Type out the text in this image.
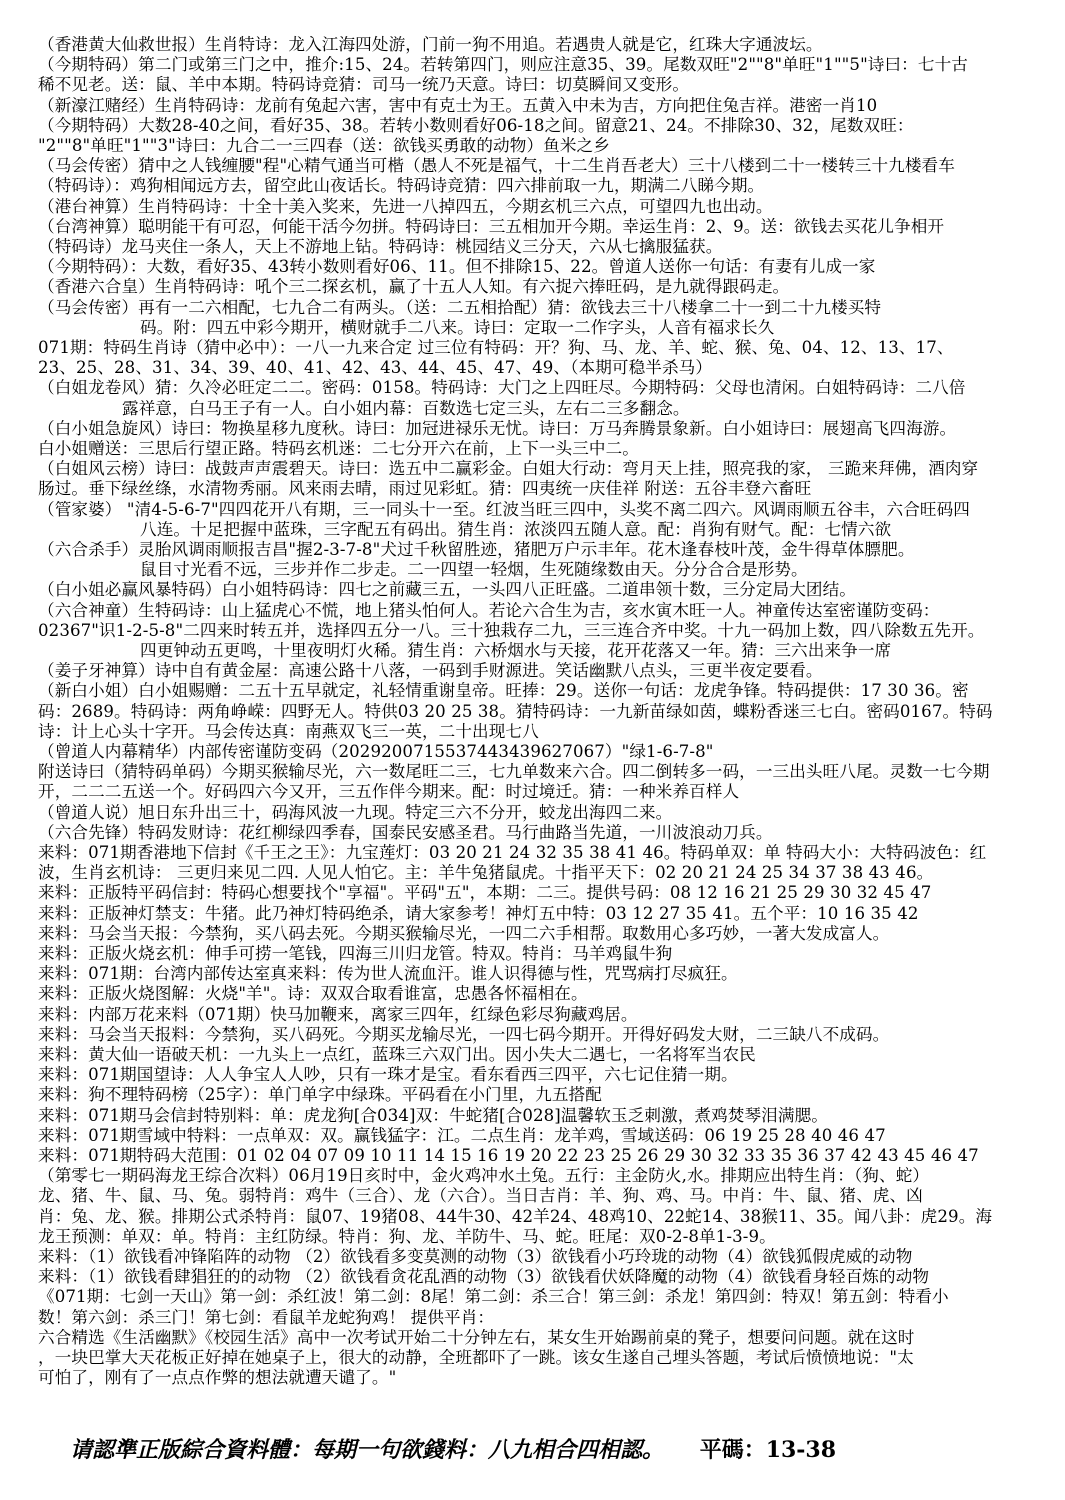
（香港黄大仙救世报）生肖特诗：龙入江海四处游，门前一狗不用追。若遇贵人就是它，红珠大字通波坛。
（今期特码）第二门或第三门之中，推介:15、24。若转第四门，则应注意35、39。尾数双旺"2""8"单旺"1""5"诗曰：七十古
稀不见老。送：鼠、羊中本期。特码诗竞猜：司马一统乃天意。诗曰：切莫瞬间又变形。
（新濠江赌经）生肖特码诗：龙前有兔起六害，害中有克士为王。五黄入中未为吉，方向把住兔吉祥。港密一肖10
（今期特码）大数28-40之间，看好35、38。若转小数则看好06-18之间。留意21、24。不排除30、32，尾数双旺：
"2""8"单旺"1""3"诗曰：九合二一三四春（送：欲钱买勇敢的动物）鱼米之乡
（马会传密）猜中之人钱缠腰"程"心精气通当可楷（愚人不死是福气，十二生肖吾老大）三十八楼到二十一楼转三十九楼看车
（特码诗）：鸡狗相闻远方去，留空此山夜话长。特码诗竞猜：四六排前取一九，期满二八睇今期。
（港台神算）生肖特码诗：十全十美入奖来，先进一八掉四五，今期玄机三六点，可望四九也出动。
（台湾神算）聪明能干有可忍，何能干活今勿拼。特码诗曰：三五相加开今期。幸运生肖：2、9。送：欲钱去买花儿争相开
（特码诗）龙马夹住一条人，天上不游地上钻。特码诗：桃园结义三分天，六从七擒服猛获。
（今期特码）：大数，看好35、43转小数则看好06、11。但不排除15、22。曾道人送你一句话：有妻有儿成一家
（香港六合皇）生肖特码诗：吼个三二探玄机，赢了十五人人知。有六捉六捧旺码，是九就得跟码走。
（马会传密）再有一二六相配，七九合二有两头。（送：二五相拾配）猜：欲钱去三十八楼拿二十一到二十九楼买特
码。附：四五中彩今期开，横财就手二八来。诗曰：定取一二作字头，人音有福求长久
071期：特码生肖诗（猜中必中）：一八一九来合定 过三位有特码：开？狗、马、龙、羊、蛇、猴、兔、04、12、13、17、
23、25、28、31、34、39、40、41、42、43、44、45、47、49、（本期可稳半杀马）
（白姐龙卷风）猜：久冷必旺定二二。密码：0158。特码诗：大门之上四旺尽。今期特码：父母也清闲。白姐特码诗：二八倍
露祥意，白马王子有一人。白小姐内幕：百数选七定三头，左右二三多翻念。
（白小姐急旋风）诗曰：物换星移九度秋。诗曰：加冠进禄乐无忧。诗曰：万马奔腾景象新。白小姐诗曰：展翅高飞四海游。
白小姐赠送：三思后行望正路。特码玄机迷：二七分开六在前，上下一头三中二。
（白姐风云榜）诗曰：战鼓声声震碧天。诗曰：选五中二赢彩金。白姐大行动：弯月天上挂，照亮我的家， 三跪来拜佛，酒肉穿
肠过。垂下绿丝绦，水清物秀丽。风来雨去晴，雨过见彩虹。猜：四夷统一庆佳祥 附送：五谷丰登六畜旺
（管家婆） "清4-5-6-7"四四花开八有期，三一同头十一至。红波当旺三四中，头奖不离二四六。风调雨顺五谷丰，六合旺码四
八连。十足把握中蓝珠，三字配五有码出。猜生肖：浓淡四五随人意。配：肖狗有财气。配：七情六欲
（六合杀手）灵胎风调雨顺报吉昌"握2-3-7-8"犬过千秋留胜迹，猪肥万户示丰年。花木逢春枝叶茂，金牛得草体膘肥。
鼠目寸光看不远，三步并作二步走。二一四望一轻烟，生死随缘数由天。分分合合是形势。
（白小姐必赢风暴特码）白小姐特码诗：四七之前藏三五，一头四八正旺盛。二道串领十数，三分定局大团结。
（六合神童）生特码诗：山上猛虎心不慌，地上猪头怕何人。若论六合生为吉，亥水寅木旺一人。神童传达室密谨防变码：
02367"识1-2-5-8"二四来时转五并，选择四五分一八。三十独栽存二九，三三连合齐中奖。十九一码加上数，四八除数五先开。
四更钟动五更鸣，十里夜明灯火稀。猜生肖：六桥烟水与天接，花开花落又一年。猜：三六出来争一席
（姜子牙神算）诗中自有黄金屋：高速公路十八落，一码到手财源进。笑话幽默八点头，三更半夜定要看。
（新白小姐）白小姐赐赠：二五十五早就定，礼轻情重谢皇帝。旺捧：29。送你一句话：龙虎争锋。特码提供：17 30 36。密
码：2689。特码诗：两角峥嵘：四野无人。特供03 20 25 38。猜特码诗：一九新苗绿如茵，蝶粉香迷三七白。密码0167。特码
诗：计上心头十字开。马会传达真：南燕双飞三一英，二十出现七八
（曾道人内幕精华）内部传密谨防变码（2029200715537443439627067）"绿1-6-7-8"
附送诗曰（猜特码单码）今期买猴输尽光，六一数尾旺二三，七九单数来六合。四二倒转多一码，一三出头旺八尾。灵数一七今期
开，二二二五送一个。好码四六今又开，三五作伴今期来。配：时过境迁。猜：一种米养百样人
（曾道人说）旭日东升出三十，码海风波一九现。特定三六不分开，蛟龙出海四二来。
（六合先锋）特码发财诗：花红柳绿四季春，国泰民安感圣君。马行曲路当先道，一川波浪动刀兵。
来料：071期香港地下信封《千王之王》：九宝莲灯：03 20 21 24 32 35 38 41 46。特码单双：单 特码大小：大特码波色：红
波，生肖玄机诗： 三更归来见二四. 人见人怕它。主：羊牛兔猪鼠虎。十指平天下：02 20 21 24 25 34 37 38 43 46。
来料：正版特平码信封：特码心想要找个"享福"。平码"五"，本期：二三。提供号码：08 12 16 21 25 29 30 32 45 47
来料：正版神灯禁支：牛猪。此乃神灯特码绝杀，请大家参考！神灯五中特：03 12 27 35 41。五个平：10 16 35 42
来料：马会当天报：今禁狗，买八码去死。今期买猴输尽光，一四二六手相帮。取数用心多巧妙，一著大发成富人。
来料：正版火烧玄机：伸手可捞一笔钱，四海三川归龙管。特双。特肖：马羊鸡鼠牛狗
来料：071期：台湾内部传达室真来料：传为世人流血汗。谁人识得德与性，咒骂病打尽疯狂。
来料：正版火烧图解：火烧"羊"。诗：双双合取看谁富，忠愚各怀福相在。
来料：内部万花来料（071期）快马加鞭来，离家三四年，红绿色彩尽狗藏鸡居。
来料：马会当天报料：今禁狗，买八码死。今期买龙输尽光，一四七码今期开。开得好码发大财，二三缺八不成码。
来料：黄大仙一语破天机：一九头上一点红，蓝珠三六双门出。因小失大二遇七，一名将军当农民
来料：071期国望诗：人人争宝人人吵，只有一珠才是宝。看东看西三四平，六七记住猜一期。
来料：狗不理特码榜（25字）：单门单字中绿珠。平码看在小门里，九五搭配
来料：071期马会信封特别料：单：虎龙狗[合034]双：牛蛇猪[合028]温馨软玉乏刺激，煮鸡焚琴泪满腮。
来料：071期雪域中特料：一点单双：双。赢钱猛字：江。二点生肖：龙羊鸡，雪域送码：06 19 25 28 40 46 47
来料：071期特码大范围：01 02 04 07 09 10 11 14 15 16 19 20 22 23 25 26 29 30 32 33 35 36 37 42 43 45 46 47
（第零七一期码海龙王综合次料）06月19日亥时中，金火鸡冲水土兔。五行：主金防火,水。排期应出特生肖：（狗、蛇）
龙、猪、牛、鼠、马、兔。弱特肖：鸡牛（三合）、龙（六合）。当日吉肖：羊、狗、鸡、马。中肖：牛、鼠、猪、虎、凶
肖：兔、龙、猴。排期公式杀特肖：鼠07、19猪08、44牛30、42羊24、48鸡10、22蛇14、38猴11、35。闻八卦：虎29。海
龙王预测：单双：单。特肖：主红防绿。特肖：狗、龙、羊防牛、马、蛇。旺尾：双0-2-8单1-3-9。
来料：（1）欲钱看冲锋陷阵的动物 （2）欲钱看多变莫测的动物（3）欲钱看小巧玲珑的动物（4）欲钱狐假虎威的动物
来料：（1）欲钱看肆猖狂的的动物 （2）欲钱看贪花乱酒的动物（3）欲钱看伏妖降魔的动物（4）欲钱看身轻百炼的动物
《071期：七剑一天山》第一剑：杀红波！第二剑：8尾！第二剑：杀三合！第三剑：杀龙！第四剑：特双！第五剑：特看小
数！第六剑：杀三门！第七剑：看鼠羊龙蛇狗鸡！ 提供平肖：
六合精选《生活幽默》《校园生活》高中一次考试开始二十分钟左右，某女生开始踢前桌的凳子，想要问问题。就在这时
，一块巴掌大天花板正好掉在她桌子上，很大的动静，全班都吓了一跳。该女生遂自己埋头答题，考试后愤愤地说："太
可怕了，刚有了一点点作弊的想法就遭天谴了。"
请認準正版綜合資料體：每期一句欲錢料：八九相合四相認。 平碼：13-38
